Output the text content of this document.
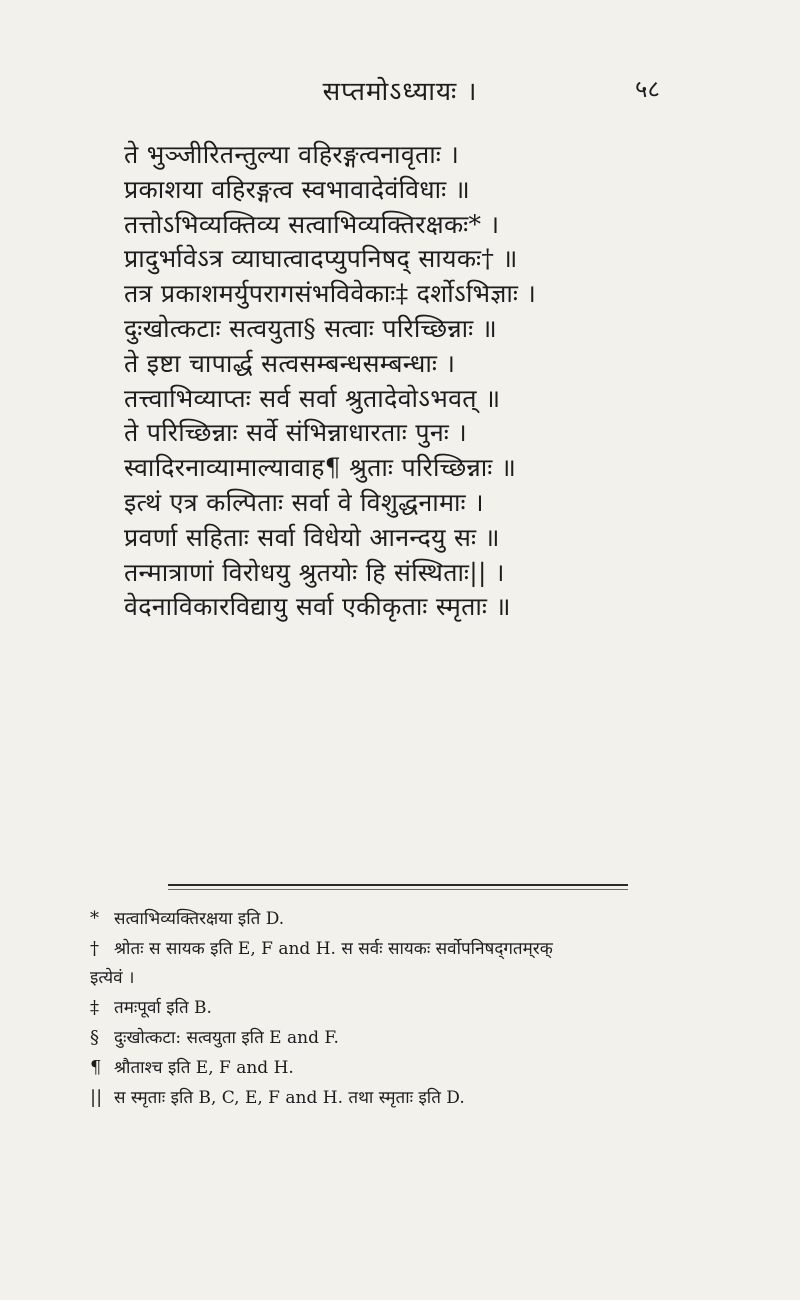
सप्तमोऽध्यायः ।	५८
ते भुञ्जीरितन्तुल्या वहिरङ्गत्वनावृताः ।
प्रकाशया वहिरङ्गत्व स्वभावादेवंविधाः ॥
तत्तोऽभिव्यक्तिव्य सत्वाभिव्यक्तिरक्षकः* ।
प्रादुर्भावेऽत्र व्याघात्वादप्युपनिषद् सायकः† ॥
तत्र प्रकाशमर्युपरागसंभविवेकाः‡ दर्शोऽभिज्ञाः ।
दुःखोत्कटाः सत्वयुता§ सत्वाः परिच्छिन्नाः ॥
ते इष्टा चापार्द्ध सत्वसम्बन्धसम्बन्धाः ।
तत्त्वाभिव्याप्तः सर्व सर्वा श्रुतादेवोऽभवत् ॥
ते परिच्छिन्नाः सर्वे संभिन्नाधारताः पुनः ।
स्वादिरनाव्यामाल्यावाह¶ श्रुताः परिच्छिन्नाः ॥
इत्थं एत्र कल्पिताः सर्वा वे विशुद्धनामाः ।
प्रवर्णा सहिताः सर्वा विधेयो आनन्दयु सः ॥
तन्मात्राणां विरोधयु श्रुतयोः हि संस्थिताः|| ।
वेदनाविकारविद्यायु सर्वा एकीकृताः स्मृताः ॥
* सत्वाभिव्यक्तिरक्षया इति D.
† श्रोतः स सायक इति E, F and H. स सर्वः सायकः सर्वोपनिषद्‌गतम्‌रक्
इत्येवं ।
‡ तमःपूर्वा इति B.
§ दुःखोत्कटा: सत्वयुता इति E and F.
¶ श्रौताश्च इति E, F and H.
|| स स्मृताः इति B, C, E, F and H. तथा स्मृताः इति D.
